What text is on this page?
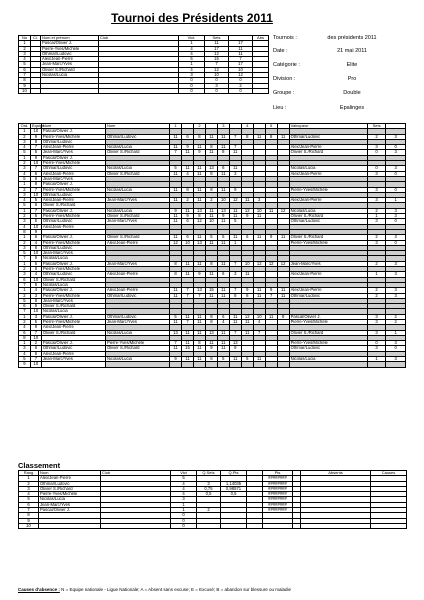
Tournoi des Présidents 2011
Tournois :	des présidents 2011
Date :	21 mai 2011
Catégorie :	Elite
Division :	Pro
Groupe :	Double
Lieu :	Epalinges
No	Cl.	Nom et prénom	Club	Vict.	Sets		Abs
1		Pascal/Olivier J.		1	11	17	
2		Pierre-Yves/Michèle		4	17	11	
3		Othmar/Ludovic		4	12	11	
4		Alex/Jean-Pierre		5	15	7	
5		Jean-Marc/Yves		1	7	17	
6		Olivier S./Richard		4	12	10	
7		Nicolas/Lucia		3	10	12	
8				0	0	0	
9				0	3	2	
10				0	0	0	
Ord.	Equipe	Nom	Nom	1		2		3		4		5		Vainqueur	Sets	
1	10	Pascal/Olivier J.														
2	9	Pierre-Yves/Michèle	Othmar/Ludovic	11	6	8	11	11	7	8	11	8	11	Othmar/Ludovic	2	3
3	8	Othmar/Ludovic														
4	7	Alex/Jean-Pierre	Nicolas/Lucia	11	9	11	8	11	7					Alex/Jean-Pierre	3	0
5	6	Jean-Marc/Yves	Olivier S./Richard	7	11	9	11	8	11					Olivier S./Richard	0	3
1	9	Pascal/Olivier J.														
2	10	Pierre-Yves/Michèle														
3	7	Othmar/Ludovic	Nicolas/Lucia	5	11	11	13	6	11					Nicolas/Lucia	0	3
4	6	Alex/Jean-Pierre	Olivier S./Richard	11	4	11	8	11	3					Alex/Jean-Pierre	3	0
5	8	Jean-Marc/Yves														
1	8	Pascal/Olivier J.														
2	7	Pierre-Yves/Michèle	Nicolas/Lucia	11	8	11	8	11	9					Pierre-Yves/Michèle	3	0
3	10	Othmar/Ludovic														
4	5	Alex/Jean-Pierre	Jean-Marc/Yves	11	2	11	2	10	12	11	3			Alex/Jean-Pierre	3	1
5	6	Olivier S./Richard														
1	7	Pascal/Olivier J.	Nicolas/Lucia	9	11	13	11	13	11	12	10	11	12	Nicolas/Lucia	2	3
2	6	Pierre-Yves/Michèle	Olivier S./Richard	11	9	8	11	9	11	9	11			Olivier S./Richard	1	3
3	5	Othmar/Ludovic	Jean-Marc/Yves	11	6	12	10	11	5					Othmar/Ludovic	3	0
4	10	Alex/Jean-Pierre														
8	9															
1	6	Pascal/Olivier J.	Olivier S./Richard	11	6	11	5	5	11	6	11	9	11	Olivier S./Richard	2	3
2	4	Pierre-Yves/Michèle	Alex/Jean-Pierre	12	10	13	11	11	1					Pierre-Yves/Michèle	3	0
3	8	Othmar/Ludovic														
5	10	Jean-Marc/Yves														
7	9	Nicolas/Lucia														
1	5	Pascal/Olivier J.	Jean-Marc/Yves	8	11	11	8	11	7	10	12	12	12	Jean-Marc/Yves	2	3
2	8	Pierre-Yves/Michèle														
3	4	Othmar/Ludovic	Alex/Jean-Pierre	8	11	9	11	6	3	11				Alex/Jean-Pierre	1	3
6	10	Olivier S./Richard														
7	9	Nicolas/Lucia														
1	4	Pascal/Olivier J.	Alex/Jean-Pierre	11	7	13	15	11	7	9	11	9	11	Alex/Jean-Pierre	2	3
2	3	Pierre-Yves/Michèle	Othmar/Ludovic	11	7	7	11	11	8	8	11	7	11	Othmar/Ludovic	2	3
5	8	Jean-Marc/Yves														
6	9	Olivier S./Richard														
7	10	Nicolas/Lucia														
1	3	Pascal/Olivier J.	Othmar/Ludovic	5	11	11	8	6	11	12	10	11	8	Pascal/Olivier J.	3	2
2	5	Pierre-Yves/Michèle	Jean-Marc/Yves	11	7	11	8	4	11	11	4			Pierre-Yves/Michèle	3	2
4	9	Alex/Jean-Pierre														
6	7	Olivier S./Richard	Nicolas/Lucia	13	11	11	13	11	7	11	7			Olivier S./Richard	3	1
8	10															
1	2	Pascal/Olivier J.	Pierre-Yves/Michèle	7	11	8	11	11	13					Pierre-Yves/Michèle	0	3
3	6	Othmar/Ludovic	Olivier S./Richard	11	15	11	9	11	9					Othmar/Ludovic	3	0
4	8	Alex/Jean-Pierre														
5	7	Jean-Marc/Yves	Nicolas/Lucia	9	11	11	8	5	11	5	11			Nicolas/Lucia	1	3
9	10															
Classement
Rang	Nom	Club	Vict	Q.Sets	Q.Pts		Pts		Absents	Causes
1	Alex/Jean-Pierre		5				########			
2	Othmar/Ludovic		4	3	1,14035		########			
3	Olivier S./Richard		4	0,75	0,98571		########			
4	Pierre-Yves/Michèle		4	0,5	0,5		########			
5	Nicolas/Lucia		3				########			
6	Jean-Marc/Yves		1				########			
7	Pascal/Olivier J.		1	2			########			
8			0							
9			0							
10			0							
Causes d'absence : N = Equipe nationale - Ligue Nationale; A = Absent sans excuse; E = Excusé; B = abandon sur blessure ou maladie
